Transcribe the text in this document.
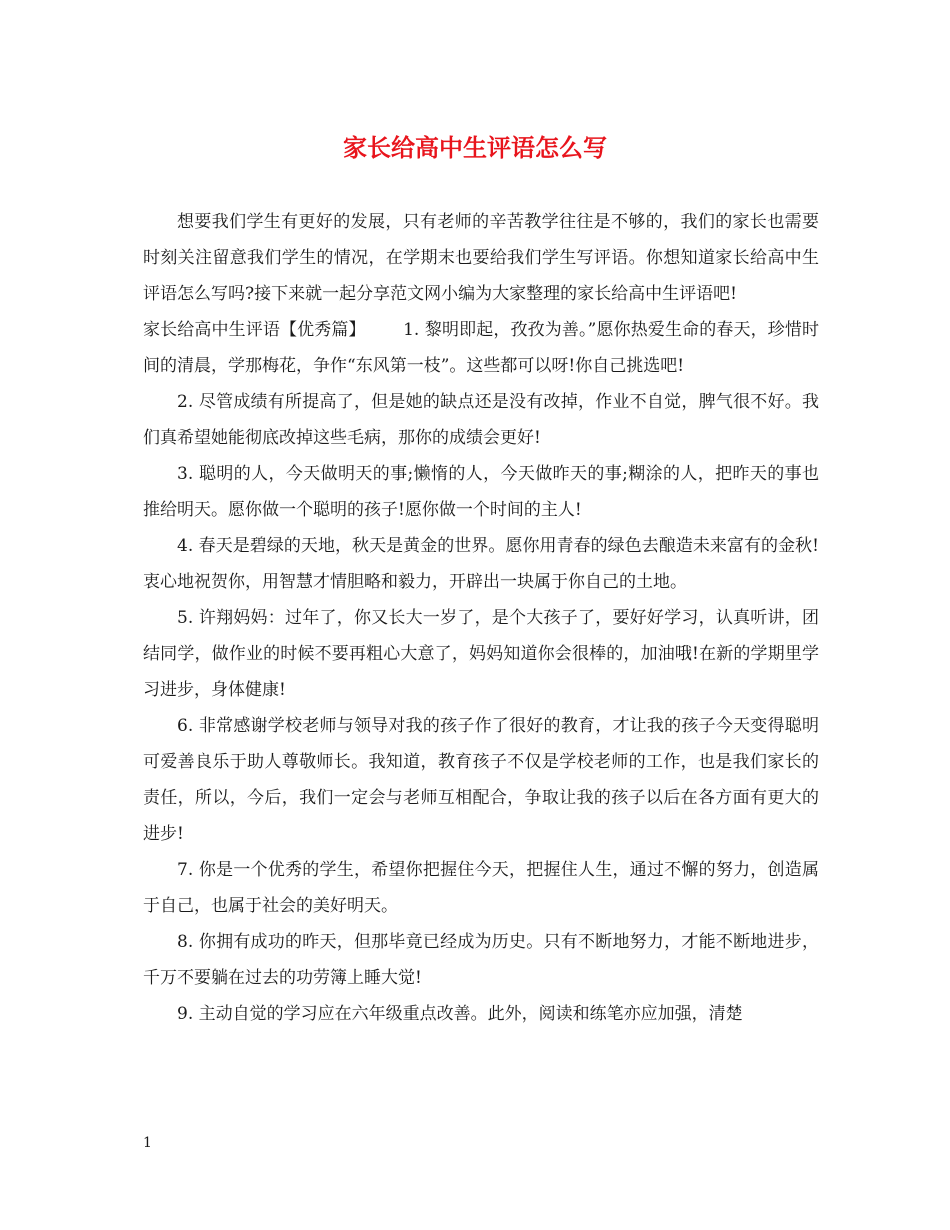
家长给高中生评语怎么写

想要我们学生有更好的发展，只有老师的辛苦教学往往是不够的，我们的家长也需要时刻关注留意我们学生的情况，在学期末也要给我们学生写评语。你想知道家长给高中生评语怎么写吗?接下来就一起分享范文网小编为大家整理的家长给高中生评语吧!

家长给高中生评语【优秀篇】 1. 黎明即起，孜孜为善。”愿你热爱生命的春天，珍惜时间的清晨，学那梅花，争作“东风第一枝”。这些都可以呀!你自己挑选吧!

2. 尽管成绩有所提高了，但是她的缺点还是没有改掉，作业不自觉，脾气很不好。我们真希望她能彻底改掉这些毛病，那你的成绩会更好!

3. 聪明的人，今天做明天的事;懒惰的人，今天做昨天的事;糊涂的人，把昨天的事也推给明天。愿你做一个聪明的孩子!愿你做一个时间的主人!

4. 春天是碧绿的天地，秋天是黄金的世界。愿你用青春的绿色去酿造未来富有的金秋!衷心地祝贺你，用智慧才情胆略和毅力，开辟出一块属于你自己的土地。

5. 许翔妈妈：过年了，你又长大一岁了，是个大孩子了，要好好学习，认真听讲，团结同学，做作业的时候不要再粗心大意了，妈妈知道你会很棒的，加油哦!在新的学期里学习进步，身体健康!

6. 非常感谢学校老师与领导对我的孩子作了很好的教育，才让我的孩子今天变得聪明可爱善良乐于助人尊敬师长。我知道，教育孩子不仅是学校老师的工作，也是我们家长的责任，所以，今后，我们一定会与老师互相配合，争取让我的孩子以后在各方面有更大的进步!

7. 你是一个优秀的学生，希望你把握住今天，把握住人生，通过不懈的努力，创造属于自己，也属于社会的美好明天。

8. 你拥有成功的昨天，但那毕竟已经成为历史。只有不断地努力，才能不断地进步，千万不要躺在过去的功劳簿上睡大觉!

9. 主动自觉的学习应在六年级重点改善。此外，阅读和练笔亦应加强，清楚

1
